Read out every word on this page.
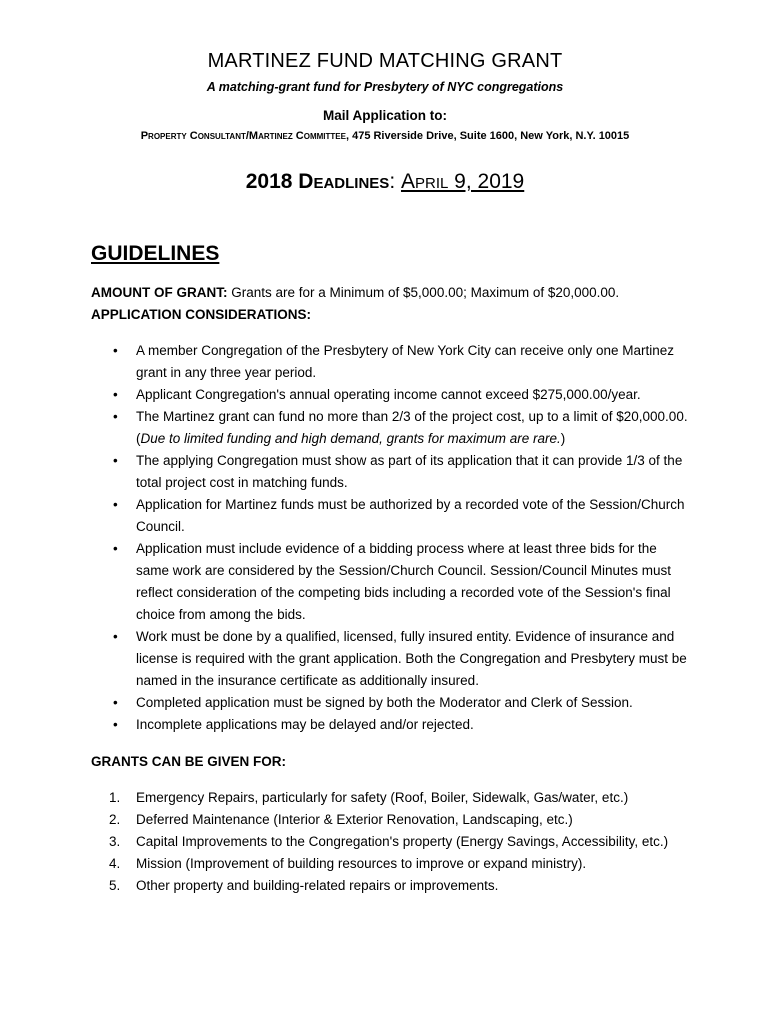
MARTINEZ FUND MATCHING GRANT
A matching-grant fund for Presbytery of NYC congregations
Mail Application to:
Property Consultant/Martinez Committee, 475 Riverside Drive, Suite 1600, New York, N.Y. 10015
2018 Deadlines: April 9, 2019
GUIDELINES
AMOUNT OF GRANT: Grants are for a Minimum of $5,000.00; Maximum of $20,000.00.
APPLICATION CONSIDERATIONS:
• A member Congregation of the Presbytery of New York City can receive only one Martinez grant in any three year period.
• Applicant Congregation's annual operating income cannot exceed $275,000.00/year.
• The Martinez grant can fund no more than 2/3 of the project cost, up to a limit of $20,000.00. (Due to limited funding and high demand, grants for maximum are rare.)
• The applying Congregation must show as part of its application that it can provide 1/3 of the total project cost in matching funds.
• Application for Martinez funds must be authorized by a recorded vote of the Session/Church Council.
• Application must include evidence of a bidding process where at least three bids for the same work are considered by the Session/Church Council. Session/Council Minutes must reflect consideration of the competing bids including a recorded vote of the Session's final choice from among the bids.
• Work must be done by a qualified, licensed, fully insured entity. Evidence of insurance and license is required with the grant application. Both the Congregation and Presbytery must be named in the insurance certificate as additionally insured.
• Completed application must be signed by both the Moderator and Clerk of Session.
• Incomplete applications may be delayed and/or rejected.
GRANTS CAN BE GIVEN FOR:
1. Emergency Repairs, particularly for safety (Roof, Boiler, Sidewalk, Gas/water, etc.)
2. Deferred Maintenance (Interior & Exterior Renovation, Landscaping, etc.)
3. Capital Improvements to the Congregation's property (Energy Savings, Accessibility, etc.)
4. Mission (Improvement of building resources to improve or expand ministry).
5. Other property and building-related repairs or improvements.
